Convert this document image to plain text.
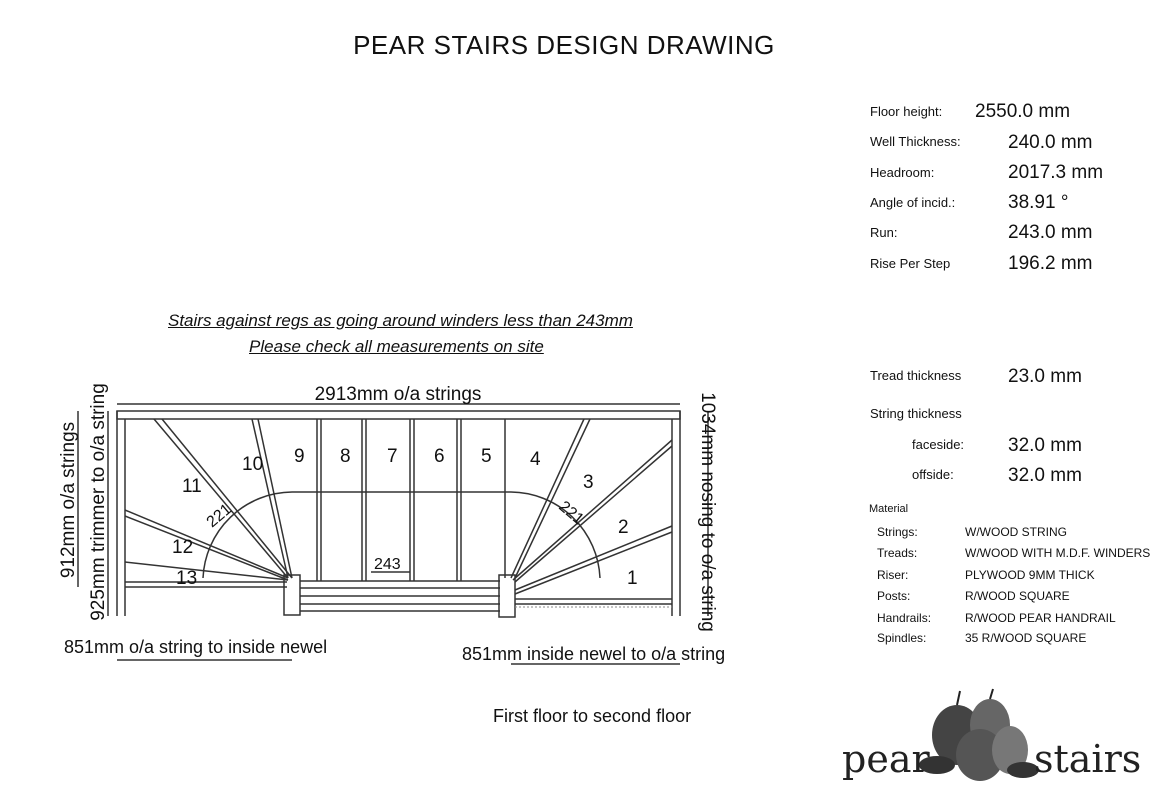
PEAR STAIRS DESIGN DRAWING
1
2
3
4
5
6
7
8
9
10
11
12
13
221	221
243
2913mm o/a strings
912mm o/a strings 925mm trimmer to o/a string	1034mm nosing to o/a string
Stairs against regs as going around winders less than 243mm
Please check all measurements on site
851mm o/a string to inside newel	851mm inside newel to o/a string
First floor to second floor
Floor height: 2550.0 mm
Well Thickness: 240.0 mm
Headroom:	2017.3 mm
Angle of incid.:	38.91 °
Run:	243.0 mm
Rise Per Step	196.2 mm
Tread thickness 23.0 mm
String thickness
faceside: 32.0 mm
offside:	32.0 mm
Material
Strings:	W/WOOD STRING
Treads:	W/WOOD WITH M.D.F. WINDERS
Riser:	PLYWOOD 9MM THICK
Posts:	R/WOOD SQUARE
Handrails:	R/WOOD PEAR HANDRAIL
Spindles:	35 R/WOOD SQUARE
pear	stairs
